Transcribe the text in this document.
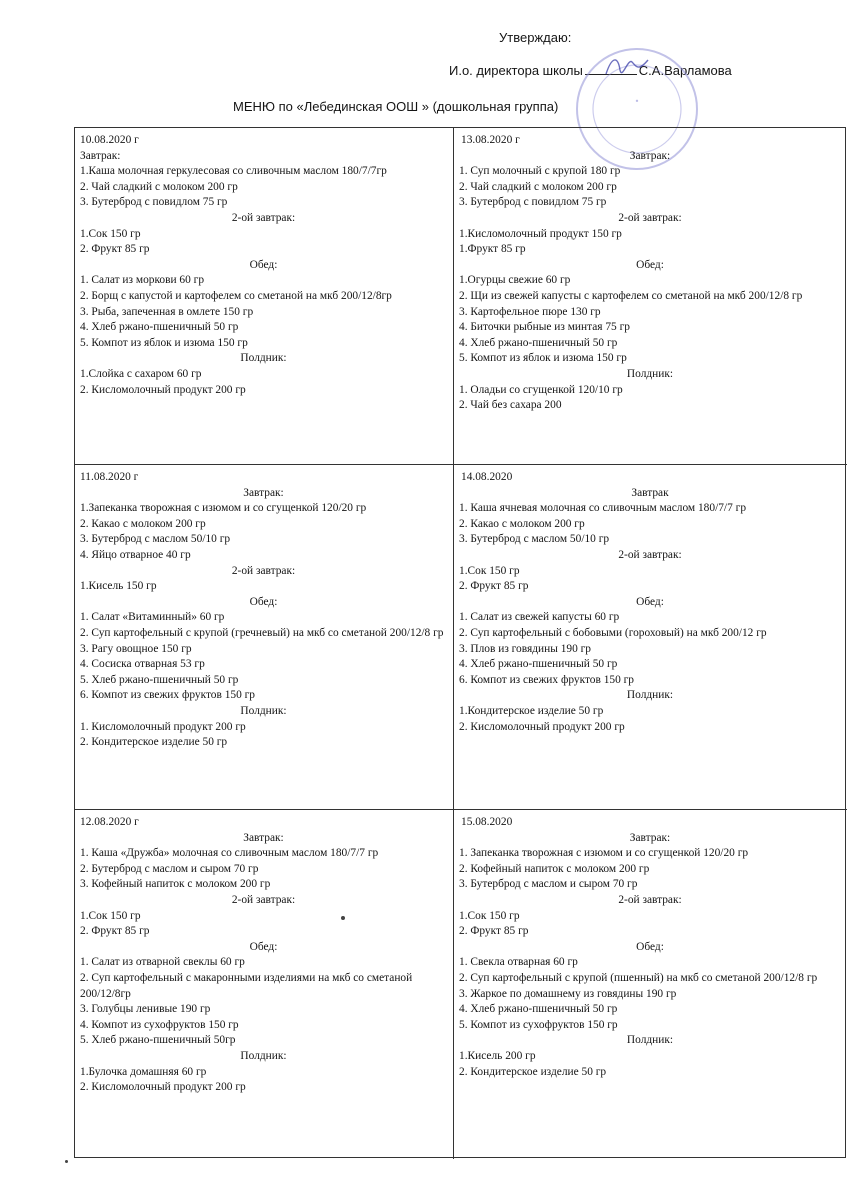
Утверждаю:
И.о. директора школы	С.А.Варламова
•
МЕНЮ по «Лебединская ООШ » (дошкольная группа)
10.08.2020 г
Завтрак:
1.Каша молочная геркулесовая со сливочным маслом 180/7/7гр
2. Чай сладкий с молоком 200 гр
3. Бутерброд с повидлом 75 гр
2-ой завтрак:
1.Сок 150 гр
2. Фрукт 85 гр
Обед:
1. Салат из моркови 60 гр
2. Борщ с капустой и картофелем со сметаной на мкб 200/12/8гр
3. Рыба, запеченная в омлете 150 гр
4. Хлеб ржано-пшеничный 50 гр
5. Компот из яблок и изюма 150 гр
Полдник:
1.Слойка с сахаром 60 гр
2. Кисломолочный продукт 200 гр
13.08.2020 г
Завтрак:
1. Суп молочный с крупой 180 гр
2. Чай сладкий с молоком 200 гр
3. Бутерброд с повидлом 75 гр
2-ой завтрак:
1.Кисломолочный продукт 150 гр
1.Фрукт 85 гр
Обед:
1.Огурцы свежие 60 гр
2. Щи из свежей капусты с картофелем со сметаной на мкб 200/12/8 гр
3. Картофельное пюре 130 гр
4. Биточки рыбные из минтая 75 гр
4. Хлеб ржано-пшеничный 50 гр
5. Компот из яблок и изюма 150 гр
Полдник:
1. Оладьи со сгущенкой 120/10 гр
2. Чай без сахара 200
11.08.2020 г
Завтрак:
1.Запеканка творожная с изюмом и со сгущенкой 120/20 гр
2. Какао с молоком 200 гр
3. Бутерброд с маслом 50/10 гр
4. Яйцо отварное 40 гр
2-ой завтрак:
1.Кисель 150 гр
Обед:
1. Салат «Витаминный» 60 гр
2. Суп картофельный с крупой (гречневый) на мкб со сметаной 200/12/8 гр
3. Рагу овощное 150 гр
4. Сосиска отварная 53 гр
5. Хлеб ржано-пшеничный 50 гр
6. Компот из свежих фруктов 150 гр
Полдник:
1. Кисломолочный продукт 200 гр
2. Кондитерское изделие 50 гр
14.08.2020
Завтрак
1. Каша ячневая молочная со сливочным маслом 180/7/7 гр
2. Какао с молоком 200 гр
3. Бутерброд с маслом 50/10 гр
2-ой завтрак:
1.Сок 150 гр
2. Фрукт 85 гр
Обед:
1. Салат из свежей капусты 60 гр
2. Суп картофельный с бобовыми (гороховый) на мкб 200/12 гр
3. Плов из говядины 190 гр
4. Хлеб ржано-пшеничный 50 гр
6. Компот из свежих фруктов 150 гр
Полдник:
1.Кондитерское изделие 50 гр
2. Кисломолочный продукт 200 гр
12.08.2020 г
Завтрак:
1. Каша «Дружба» молочная со сливочным маслом 180/7/7 гр
2. Бутерброд с маслом и сыром 70 гр
3. Кофейный напиток с молоком 200 гр
2-ой завтрак:
1.Сок 150 гр
2. Фрукт 85 гр
Обед:
1. Салат из отварной свеклы 60 гр
2. Суп картофельный с макаронными изделиями на мкб со сметаной 200/12/8гр
3. Голубцы ленивые 190 гр
4. Компот из сухофруктов 150 гр
5. Хлеб ржано-пшеничный 50гр
Полдник:
1.Булочка домашняя 60 гр
2. Кисломолочный продукт 200 гр
15.08.2020
Завтрак:
1. Запеканка творожная с изюмом и со сгущенкой 120/20 гр
2. Кофейный напиток с молоком 200 гр
3. Бутерброд с маслом и сыром 70 гр
2-ой завтрак:
1.Сок 150 гр
2. Фрукт 85 гр
Обед:
1. Свекла отварная 60 гр
2. Суп картофельный с крупой (пшенный) на мкб со сметаной 200/12/8 гр
3. Жаркое по домашнему из говядины 190 гр
4. Хлеб ржано-пшеничный 50 гр
5. Компот из сухофруктов 150 гр
Полдник:
1.Кисель 200 гр
2. Кондитерское изделие 50 гр
